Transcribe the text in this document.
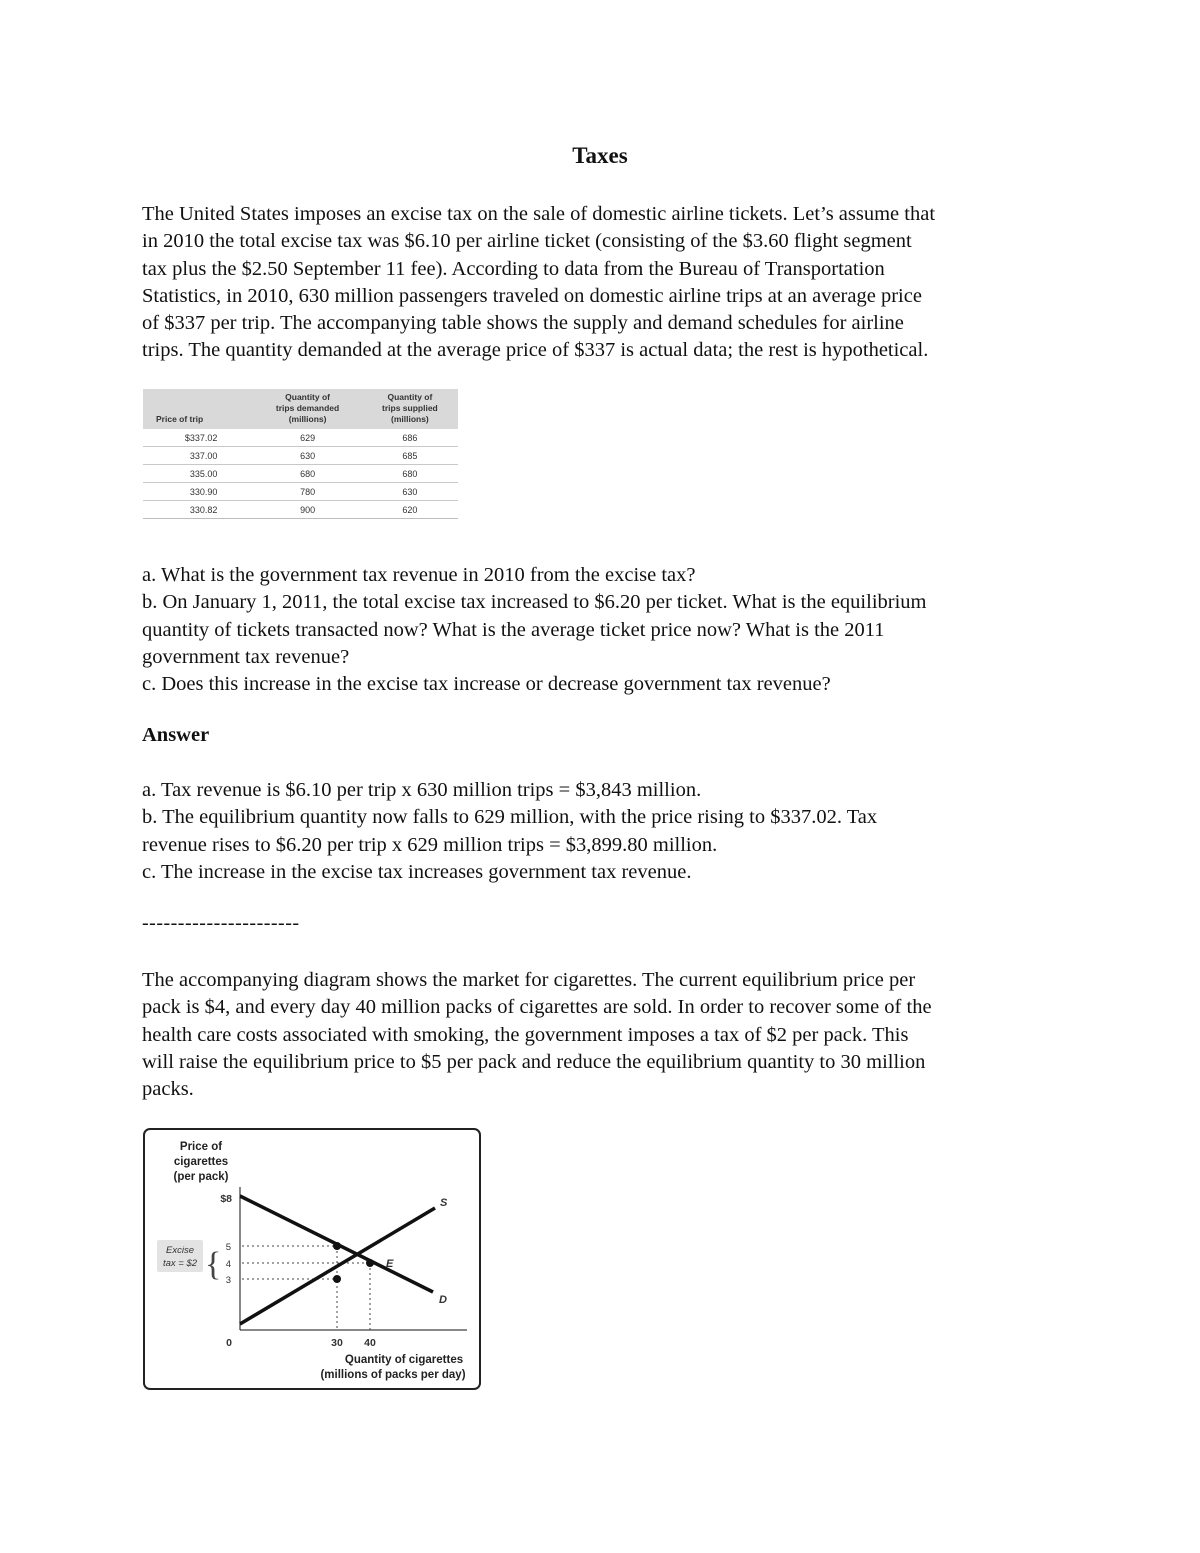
Taxes

The United States imposes an excise tax on the sale of domestic airline tickets. Let’s assume that
in 2010 the total excise tax was $6.10 per airline ticket (consisting of the $3.60 flight segment
tax plus the $2.50 September 11 fee). According to data from the Bureau of Transportation
Statistics, in 2010, 630 million passengers traveled on domestic airline trips at an average price
of $337 per trip. The accompanying table shows the supply and demand schedules for airline
trips. The quantity demanded at the average price of $337 is actual data; the rest is hypothetical.

Price of trip	Quantity of
trips demanded
(millions)	Quantity of
trips supplied
(millions)
$337.02	629	686
337.00	630	685
335.00	680	680
330.90	780	630
330.82	900	620

a. What is the government tax revenue in 2010 from the excise tax?
b. On January 1, 2011, the total excise tax increased to $6.20 per ticket. What is the equilibrium
quantity of tickets transacted now? What is the average ticket price now? What is the 2011
government tax revenue?
c. Does this increase in the excise tax increase or decrease government tax revenue?

Answer

a. Tax revenue is $6.10 per trip x 630 million trips = $3,843 million.
b. The equilibrium quantity now falls to 629 million, with the price rising to $337.02. Tax
revenue rises to $6.20 per trip x 629 million trips = $3,899.80 million.
c. The increase in the excise tax increases government tax revenue.

----------------------

The accompanying diagram shows the market for cigarettes. The current equilibrium price per
pack is $4, and every day 40 million packs of cigarettes are sold. In order to recover some of the
health care costs associated with smoking, the government imposes a tax of $2 per pack. This
will raise the equilibrium price to $5 per pack and reduce the equilibrium quantity to 30 million
packs.

Price of
cigarettes
(per pack)
$8
5
4
3
Excise
tax = $2 {
0	30 40
Quantity of cigarettes
(millions of packs per day)
S
D
E
